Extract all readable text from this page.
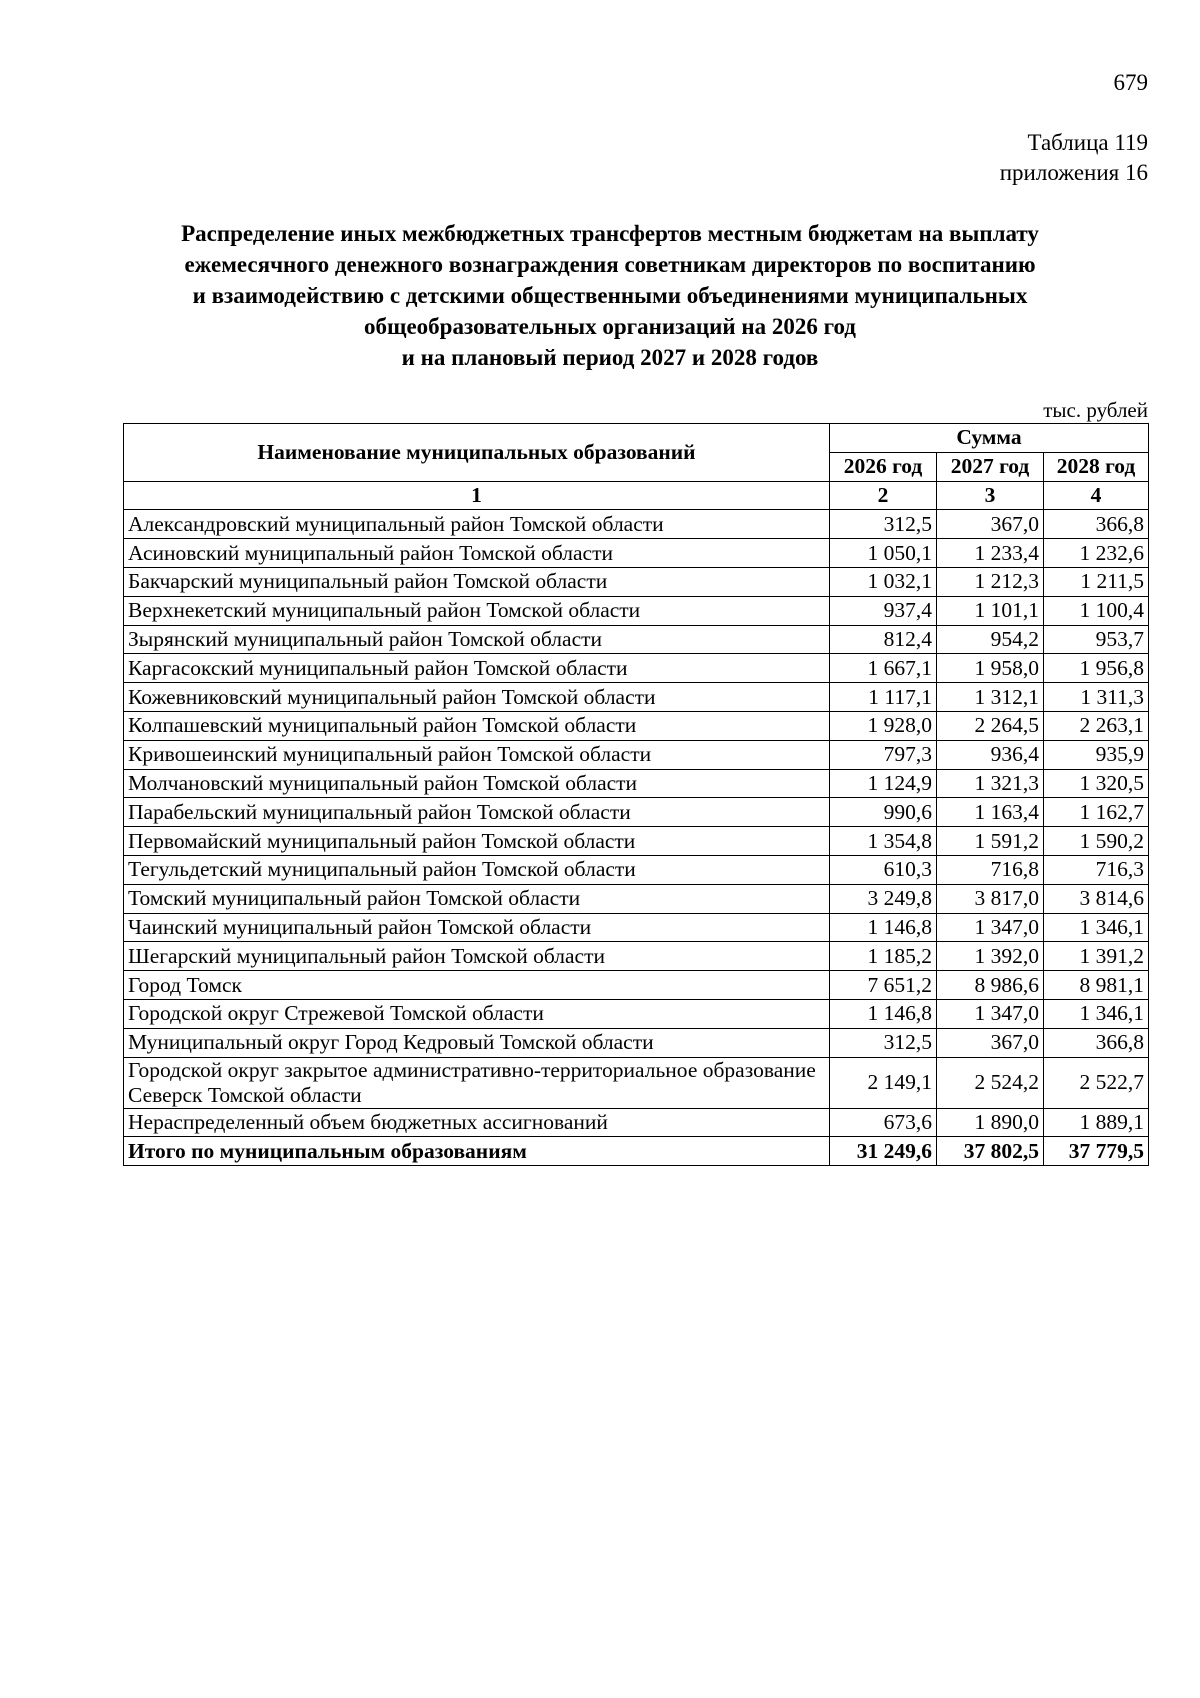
679
Таблица 119
приложения 16
Распределение иных межбюджетных трансфертов местным бюджетам на выплату
ежемесячного денежного вознаграждения советникам директоров по воспитанию
и взаимодействию с детскими общественными объединениями муниципальных
общеобразовательных организаций на 2026 год
и на плановый период 2027 и 2028 годов
тыс. рублей
Наименование муниципальных образований	Сумма		
	2026 год	2027 год	2028 год
1	2	3	4
Александровский муниципальный район Томской области	312,5	367,0	366,8
Асиновский муниципальный район Томской области	1 050,1	1 233,4	1 232,6
Бакчарский муниципальный район Томской области	1 032,1	1 212,3	1 211,5
Верхнекетский муниципальный район Томской области	937,4	1 101,1	1 100,4
Зырянский муниципальный район Томской области	812,4	954,2	953,7
Каргасокский муниципальный район Томской области	1 667,1	1 958,0	1 956,8
Кожевниковский муниципальный район Томской области	1 117,1	1 312,1	1 311,3
Колпашевский муниципальный район Томской области	1 928,0	2 264,5	2 263,1
Кривошеинский муниципальный район Томской области	797,3	936,4	935,9
Молчановский муниципальный район Томской области	1 124,9	1 321,3	1 320,5
Парабельский муниципальный район Томской области	990,6	1 163,4	1 162,7
Первомайский муниципальный район Томской области	1 354,8	1 591,2	1 590,2
Тегульдетский муниципальный район Томской области	610,3	716,8	716,3
Томский муниципальный район Томской области	3 249,8	3 817,0	3 814,6
Чаинский муниципальный район Томской области	1 146,8	1 347,0	1 346,1
Шегарский муниципальный район Томской области	1 185,2	1 392,0	1 391,2
Город Томск	7 651,2	8 986,6	8 981,1
Городской округ Стрежевой Томской области	1 146,8	1 347,0	1 346,1
Муниципальный округ Город Кедровый Томской области	312,5	367,0	366,8
Городской округ закрытое административно-территориальное образование Северск Томской области	2 149,1	2 524,2	2 522,7
Нераспределенный объем бюджетных ассигнований	673,6	1 890,0	1 889,1
Итого по муниципальным образованиям	31 249,6	37 802,5	37 779,5
